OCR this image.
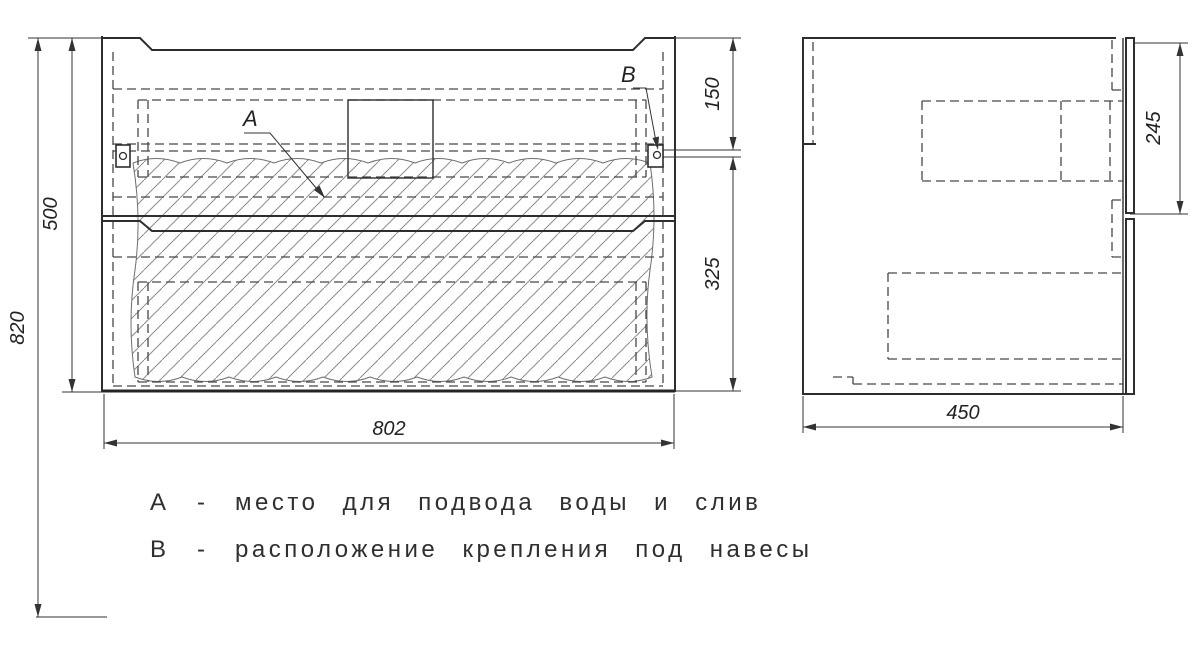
820
500
802
150
325
450
245
A
B
А - место для подвода воды и слив
В - расположение крепления под навесы
